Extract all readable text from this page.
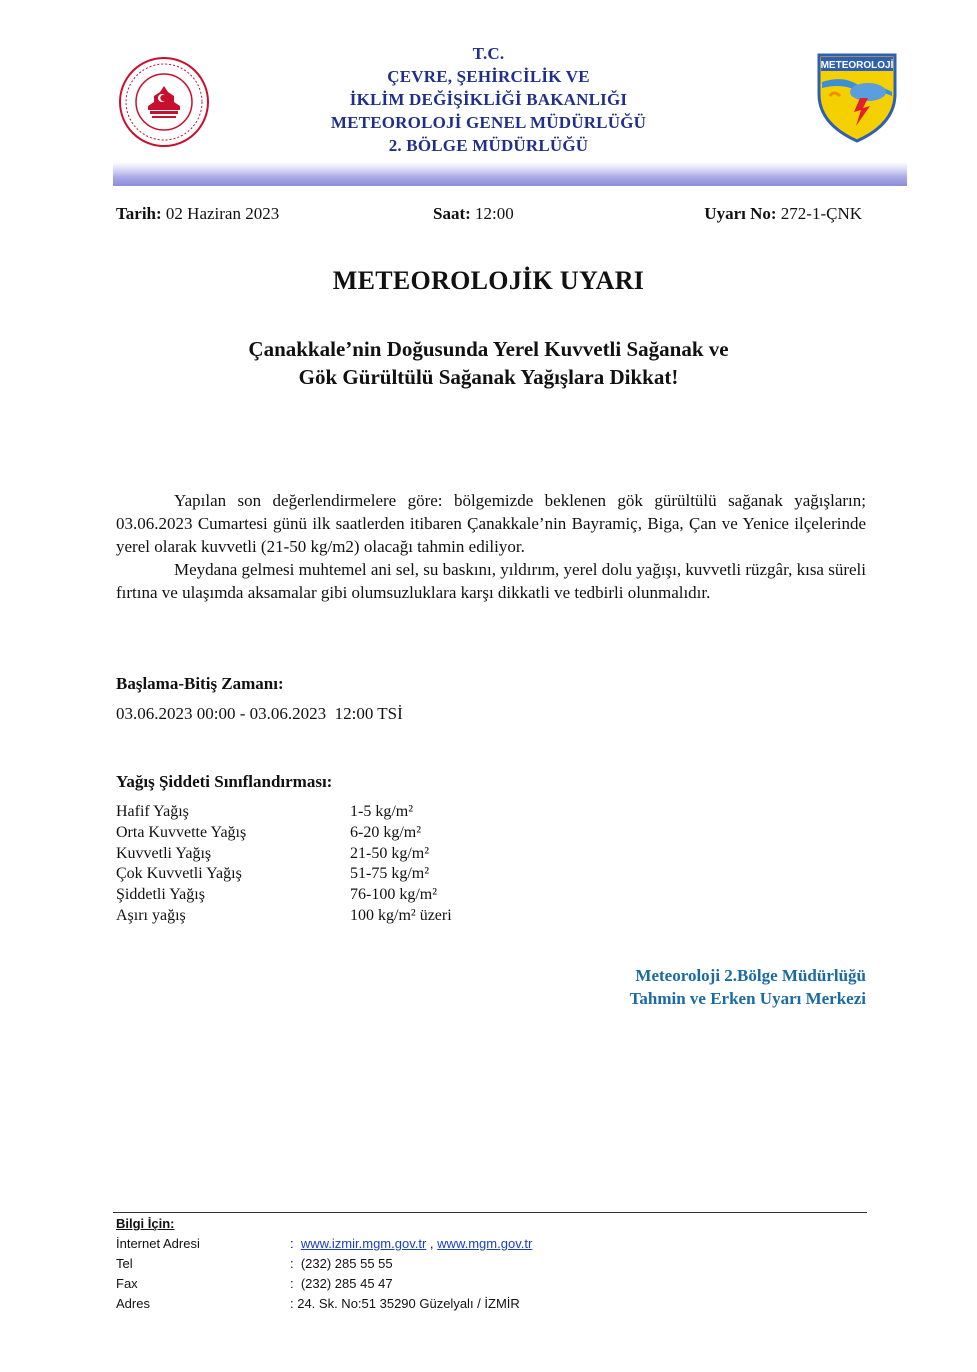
T.C.
ÇEVRE, ŞEHİRCİLİK VE
İKLİM DEĞİŞİKLİĞİ BAKANLIĞI
METEOROLOJİ GENEL MÜDÜRLÜĞÜ
2. BÖLGE MÜDÜRLÜĞÜ
METEOROLOJİ
Tarih: 02 Haziran 2023	Saat: 12:00	Uyarı No: 272-1-ÇNK
METEOROLOJİK UYARI
Çanakkale’nin Doğusunda Yerel Kuvvetli Sağanak ve
Gök Gürültülü Sağanak Yağışlara Dikkat!

Yapılan son değerlendirmelere göre: bölgemizde beklenen gök gürültülü sağanak yağışların; 03.06.2023 Cumartesi günü ilk saatlerden itibaren Çanakkale’nin Bayramiç, Biga, Çan ve Yenice ilçelerinde yerel olarak kuvvetli (21-50 kg/m2) olacağı tahmin ediliyor.

Meydana gelmesi muhtemel ani sel, su baskını, yıldırım, yerel dolu yağışı, kuvvetli rüzgâr, kısa süreli fırtına ve ulaşımda aksamalar gibi olumsuzluklara karşı dikkatli ve tedbirli olunmalıdır.

Başlama-Bitiş Zamanı:
03.06.2023 00:00 - 03.06.2023  12:00 TSİ
Yağış Şiddeti Sınıflandırması:
Hafif Yağış	1-5 kg/m²
Orta Kuvvette Yağış	6-20 kg/m²
Kuvvetli Yağış	21-50 kg/m²
Çok Kuvvetli Yağış	51-75 kg/m²
Şiddetli Yağış	76-100 kg/m²
Aşırı yağış	100 kg/m² üzeri
Meteoroloji 2.Bölge Müdürlüğü
Tahmin ve Erken Uyarı Merkezi
Bilgi İçin:
İnternet Adresi	: www.izmir.mgm.gov.tr , www.mgm.gov.tr
Tel	:  (232) 285 55 55
Fax	:  (232) 285 45 47
Adres	: 24. Sk. No:51 35290 Güzelyalı / İZMİR
